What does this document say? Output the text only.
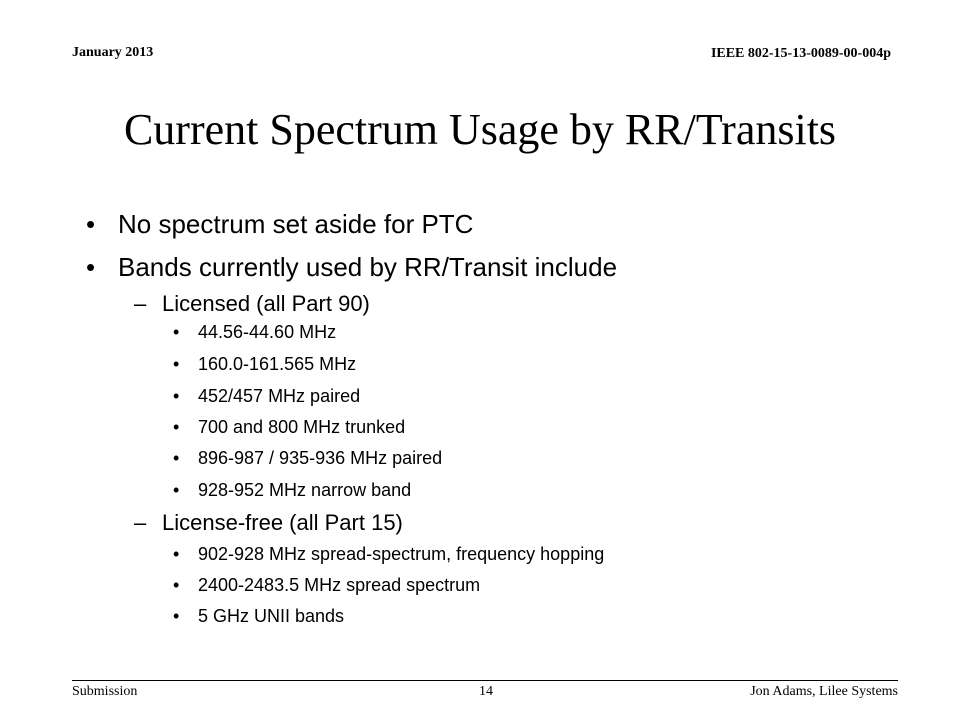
January 2013	IEEE 802-15-13-0089-00-004p
Current Spectrum Usage by RR/Transits
• No spectrum set aside for PTC
• Bands currently used by RR/Transit include
– Licensed (all Part 90)
• 44.56-44.60 MHz
• 160.0-161.565 MHz
• 452/457 MHz paired
• 700 and 800 MHz trunked
• 896-987 / 935-936 MHz paired
• 928-952 MHz narrow band
– License-free (all Part 15)
• 902-928 MHz spread-spectrum, frequency hopping
• 2400-2483.5 MHz spread spectrum
• 5 GHz UNII bands
Submission	14	Jon Adams, Lilee Systems
